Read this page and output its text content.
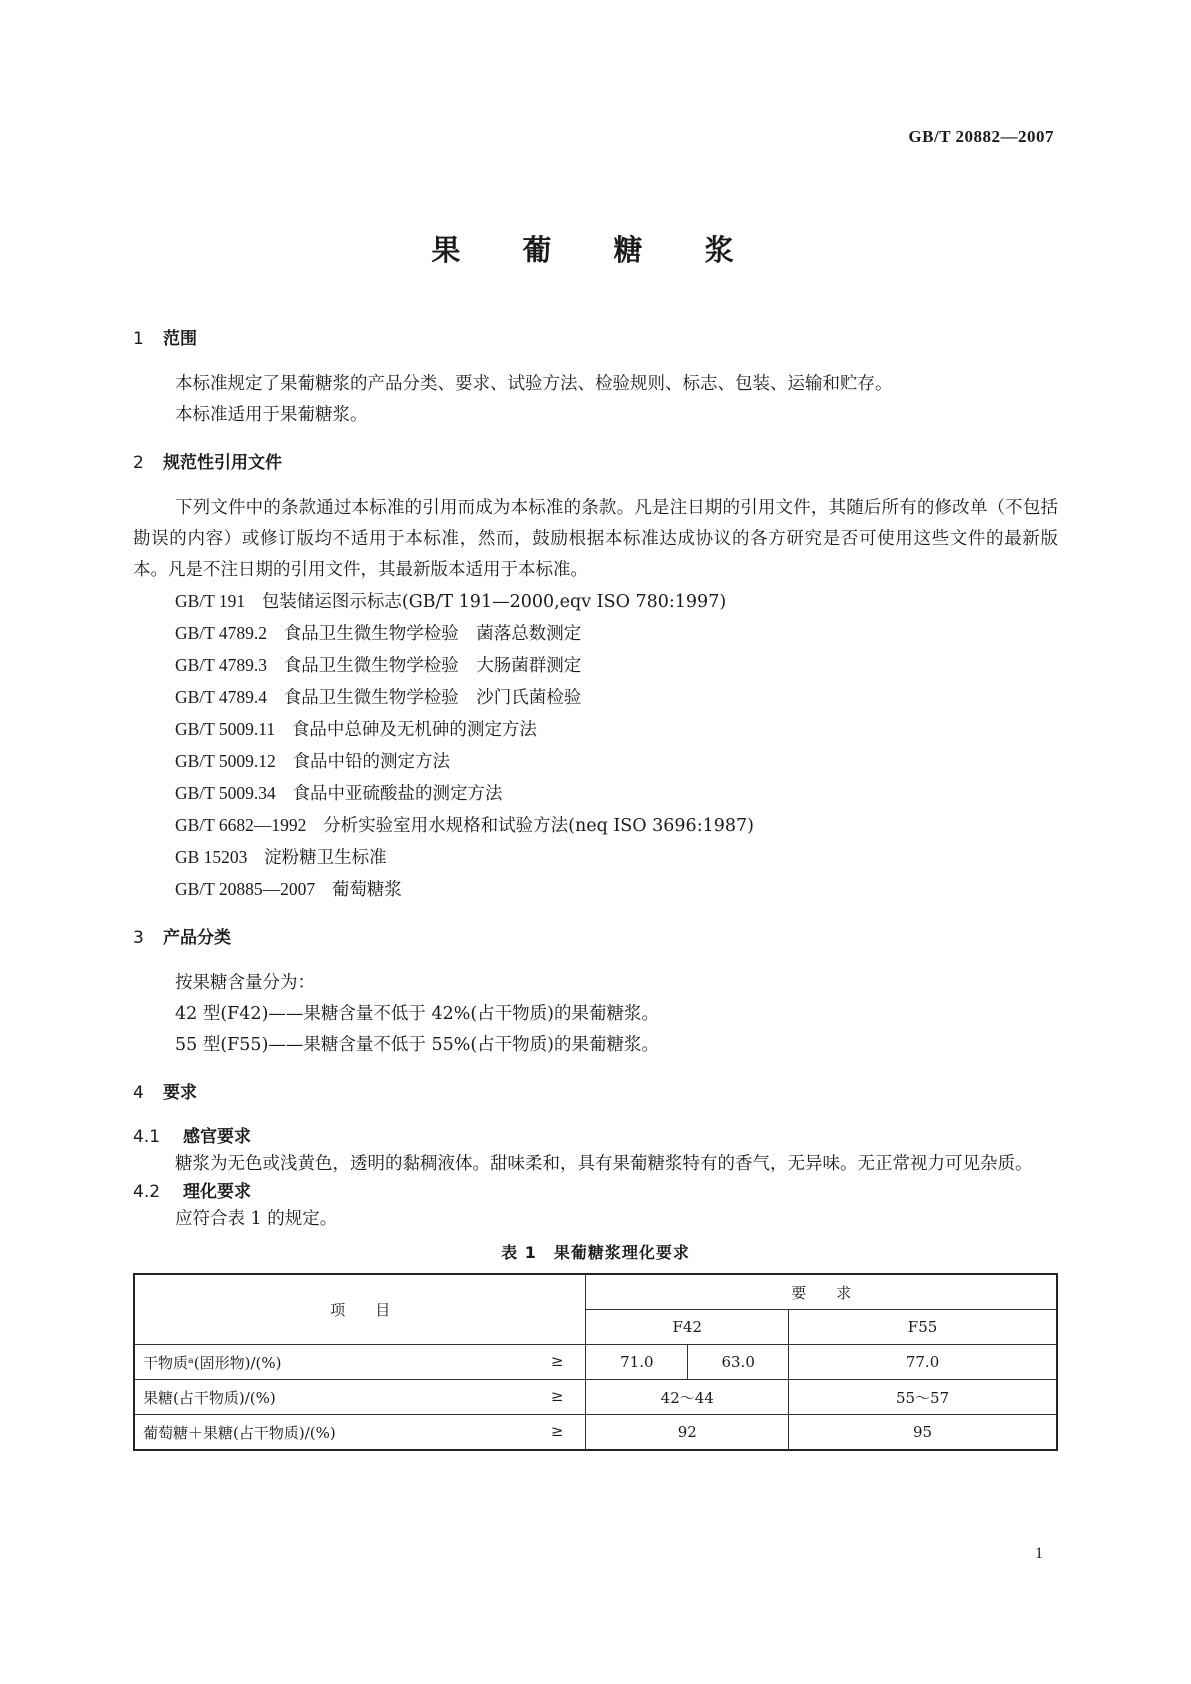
GB/T 20882—2007
果 葡 糖 浆
1 范围

本标准规定了果葡糖浆的产品分类、要求、试验方法、检验规则、标志、包装、运输和贮存。

本标准适用于果葡糖浆。

2 规范性引用文件

下列文件中的条款通过本标准的引用而成为本标准的条款。凡是注日期的引用文件，其随后所有的修改单（不包括勘误的内容）或修订版均不适用于本标准，然而，鼓励根据本标准达成协议的各方研究是否可使用这些文件的最新版本。凡是不注日期的引用文件，其最新版本适用于本标准。

GB/T 191 包装储运图示标志(GB/T 191—2000,eqv ISO 780:1997)
GB/T 4789.2 食品卫生微生物学检验　菌落总数测定
GB/T 4789.3 食品卫生微生物学检验　大肠菌群测定
GB/T 4789.4 食品卫生微生物学检验　沙门氏菌检验
GB/T 5009.11 食品中总砷及无机砷的测定方法
GB/T 5009.12 食品中铅的测定方法
GB/T 5009.34 食品中亚硫酸盐的测定方法
GB/T 6682—1992 分析实验室用水规格和试验方法(neq ISO 3696:1987)
GB 15203 淀粉糖卫生标准
GB/T 20885—2007 葡萄糖浆
3 产品分类

按果糖含量分为：

42 型(F42)——果糖含量不低于 42%(占干物质)的果葡糖浆。

55 型(F55)——果糖含量不低于 55%(占干物质)的果葡糖浆。

4 要求
4.1 感官要求

糖浆为无色或浅黄色，透明的黏稠液体。甜味柔和，具有果葡糖浆特有的香气，无异味。无正常视力可见杂质。

4.2 理化要求

应符合表 1 的规定。

表 1　果葡糖浆理化要求
项　　目	要　　求		
	F42		F55
干物质ᵃ(固形物)/(%) ≥	71.0	63.0	77.0
果糖(占干物质)/(%) ≥	42～44		55～57
葡萄糖＋果糖(占干物质)/(%) ≥	92		95
1
